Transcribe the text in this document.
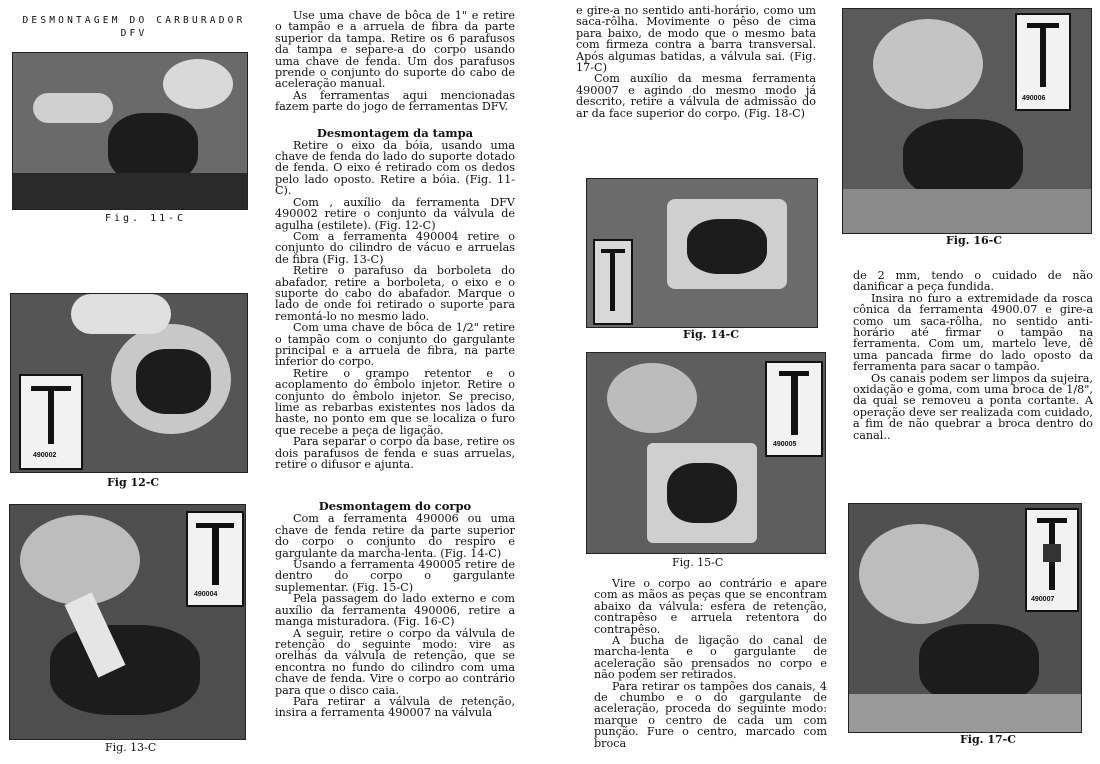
DESMONTAGEM DO CARBURADOR
DFV
Fig. 11-C
490002
Fig 12-C
490004
Fig. 13-C

Use uma chave de bôca de 1" e retire o tampão e a arruela de fibra da parte superior da tampa. Retire os 6 parafusos da tampa e separe-a do corpo usando uma chave de fenda. Um dos parafusos prende o conjunto do suporte do cabo de aceleração manual.

As ferramentas aqui mencionadas fazem parte do jogo de ferramentas DFV.

Desmontagem da tampa

Retire o eixo da bóia, usando uma chave de fenda do lado do suporte dotado de fenda. O eixo é retirado com os dedos pelo lado oposto. Retire a bóia. (Fig. 11-C).

Com , auxílio da ferramenta DFV 490002 retire o conjunto da válvula de agulha (estilete). (Fig. 12-C)

Com a ferramenta 490004 retire o conjunto do cilindro de vácuo e arruelas de fibra (Fig. 13-C)

Retire o parafuso da borboleta do abafador, retire a borboleta, o eixo e o suporte do cabo do abafador. Marque o lado de onde foi retirado o suporte para remontá-lo no mesmo lado.

Com uma chave de bôca de 1/2" retire o tampão com o conjunto do gargulante principal e a arruela de fibra, na parte inferior do corpo.

Retire o grampo retentor e o acoplamento do êmbolo injetor. Retire o conjunto do êmbolo injetor. Se preciso, lime as rebarbas existentes nos lados da haste, no ponto em que se localiza o furo que recebe a peça de ligação.

Para separar o corpo da base, retire os dois parafusos de fenda e suas arruelas, retire o difusor e ajunta.

Desmontagem do corpo

Com a ferramenta 490006 ou uma chave de fenda retire da parte superior do corpo o conjunto do respiro e gargulante da marcha-lenta. (Fig. 14-C)

Usando a ferramenta 490005 retire de dentro do corpo o gargulante suplementar. (Fig. 15-C)

Pela passagem do lado externo e com auxílio da ferramenta 490006, retire a manga misturadora. (Fig. 16-C)

A seguir, retire o corpo da válvula de retenção do seguinte modo: vire as orelhas da válvula de retenção, que se encontra no fundo do cilindro com uma chave de fenda. Vire o corpo ao contrário para que o disco caia.

Para retirar a válvula de retenção, insira a ferramenta 490007 na válvula

e gire-a no sentido anti-horário, como um saca-rôlha. Movimente o pêso de cima para baixo, de modo que o mesmo bata com firmeza contra a barra transversal. Após algumas batidas, a válvula sai. (Fig. 17-C)

Com auxílio da mesma ferramenta 490007 e agindo do mesmo modo já descrito, retire a válvula de admissão do ar da face superior do corpo. (Fig. 18-C)

Fig. 14-C
490005
Fig. 15-C

Vire o corpo ao contrário e apare com as mãos as peças que se encontram abaixo da válvula: esfera de retenção, contrapêso e arruela retentora do contrapêso.

A bucha de ligação do canal de marcha-lenta e o gargulante de aceleração são prensados no corpo e não podem ser retirados.

Para retirar os tampões dos canais, 4 de chumbo e o do gargulante de aceleração, proceda do seguinte modo: marque o centro de cada um com punção. Fure o centro, marcado com broca

490006
Fig. 16-C

de 2 mm, tendo o cuidado de não danificar a peça fundida.

Insira no furo a extremidade da rosca cônica da ferramenta 4900.07 e gire-a como um saca-rôlha, no sentido anti-horário até firmar o tampão na ferramenta. Com um, martelo leve, dê uma pancada firme do lado oposto da ferramenta para sacar o tampão.

Os canais podem ser limpos da sujeira, oxidação e goma, com uma broca de 1/8", da qual se removeu a ponta cortante. A operação deve ser realizada com cuidado, a fim de não quebrar a broca dentro do canal..

490007
Fig. 17-C
